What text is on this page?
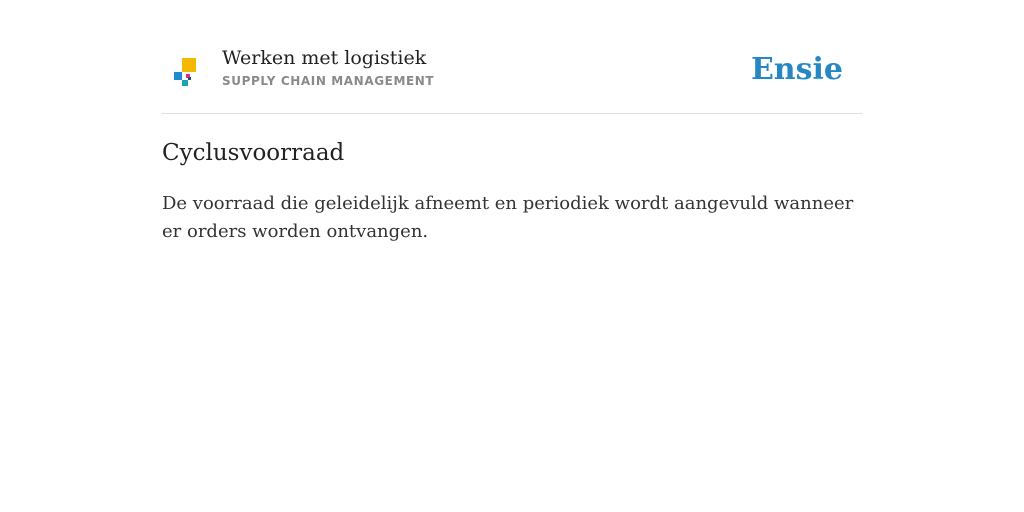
Werken met logistiek
SUPPLY CHAIN MANAGEMENT	Ensie
Cyclusvoorraad
De voorraad die geleidelijk afneemt en periodiek wordt aangevuld wanneer er orders worden ontvangen.
